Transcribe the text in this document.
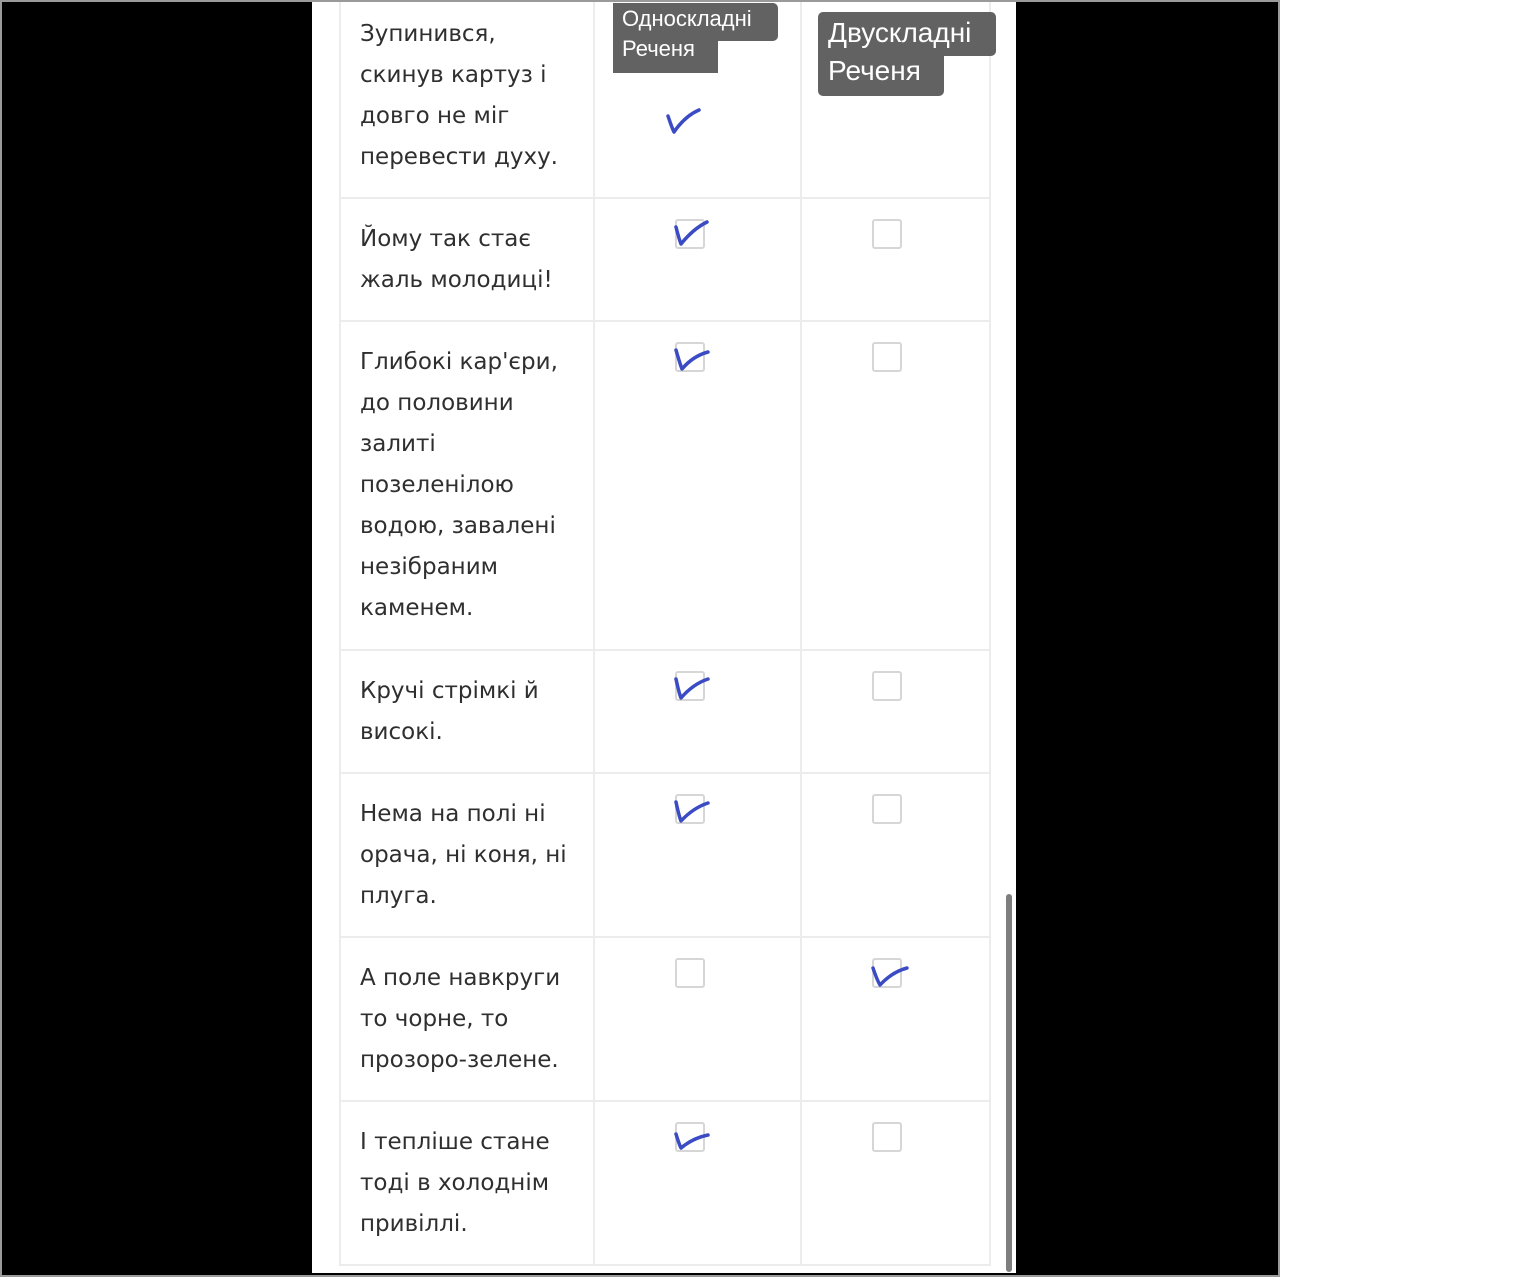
Зупинився, скинув картуз і довго не міг перевести духу.
Йому так стає жаль молодиці!
Глибокі кар'єри, до половини залиті позеленілою водою, завалені незібраним каменем.
Кручі стрімкі й високі.
Нема на полі ні орача, ні коня, ні плуга.
А поле навкруги то чорне, то прозоро-зелене.
І тепліше стане тоді в холоднім привіллі.
Односкладні
Реченя
Двускладні
Реченя
